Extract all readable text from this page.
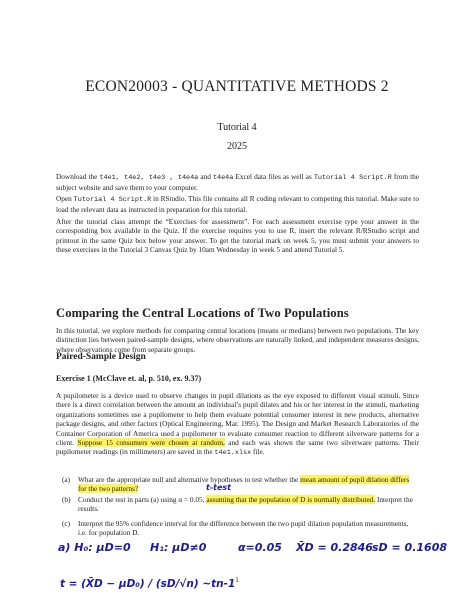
ECON20003 - QUANTITATIVE METHODS 2
Tutorial 4
2025

Download the t4e1, t4e2, t4e3 , t4e4a and t4e4a Excel data files as well as Tutorial 4 Script.R from the subject website and save them to your computer.

Open Tutorial 4 Script.R in RStudio. This file contains all R coding relevant to competing this tutorial. Make sure to load the relevant data as instructed in preparation for this tutorial.

After the tutorial class attempt the “Exercises for assessment”. For each assessment exercise type your answer in the corresponding box available in the Quiz. If the exercise requires you to use R, insert the relevant R/RStudio script and printout in the same Quiz box below your answer. To get the tutorial mark on week 5, you must submit your answers to these exercises in the Tutorial 3 Canvas Quiz by 10am Wednesday in week 5 and attend Tutorial 5.

Comparing the Central Locations of Two Populations

In this tutorial, we explore methods for comparing central locations (means or medians) between two populations. The key distinction lies between paired-sample designs, where observations are naturally linked, and independent measures designs, where observations come from separate groups.

Paired-Sample Design
Exercise 1 (McClave et. al, p. 510, ex. 9.37)

A pupilometer is a device used to observe changes in pupil dilations as the eye exposed to different visual stimuli. Since there is a direct correlation between the amount an individual’s pupil dilates and his or her interest in the stimuli, marketing organizations sometimes use a pupilometer to help them evaluate potential consumer interest in new products, alternative package designs, and other factors (Optical Engineering, Mar. 1995). The Design and Market Research Laboratories of the Container Corporation of America used a pupilometer to evaluate consumer reaction to different silverware patterns for a client. Suppose 15 consumers were chosen at random, and each was shown the same two silverware patterns. Their pupilometer readings (in millimeters) are saved in the t4e1.xlsx file.

(a) What are the appropriate null and alternative hypotheses to test whether the mean amount of pupil dilation differs for the two patterns?
(b) Conduct the test in parts (a) using α = 0.05, assuming that the population of D is normally distributed. Interpret the results.
(c) Interpret the 95% confidence interval for the difference between the two pupil dilation population measurements, i.e. for population D.
t-test
a) H₀: μD=0 H₁: μD≠0	α=0.05 X̄D = 0.2846 sD = 0.1608
t = (X̄D − μD₀) / (sD/√n) ~tn-1 1
